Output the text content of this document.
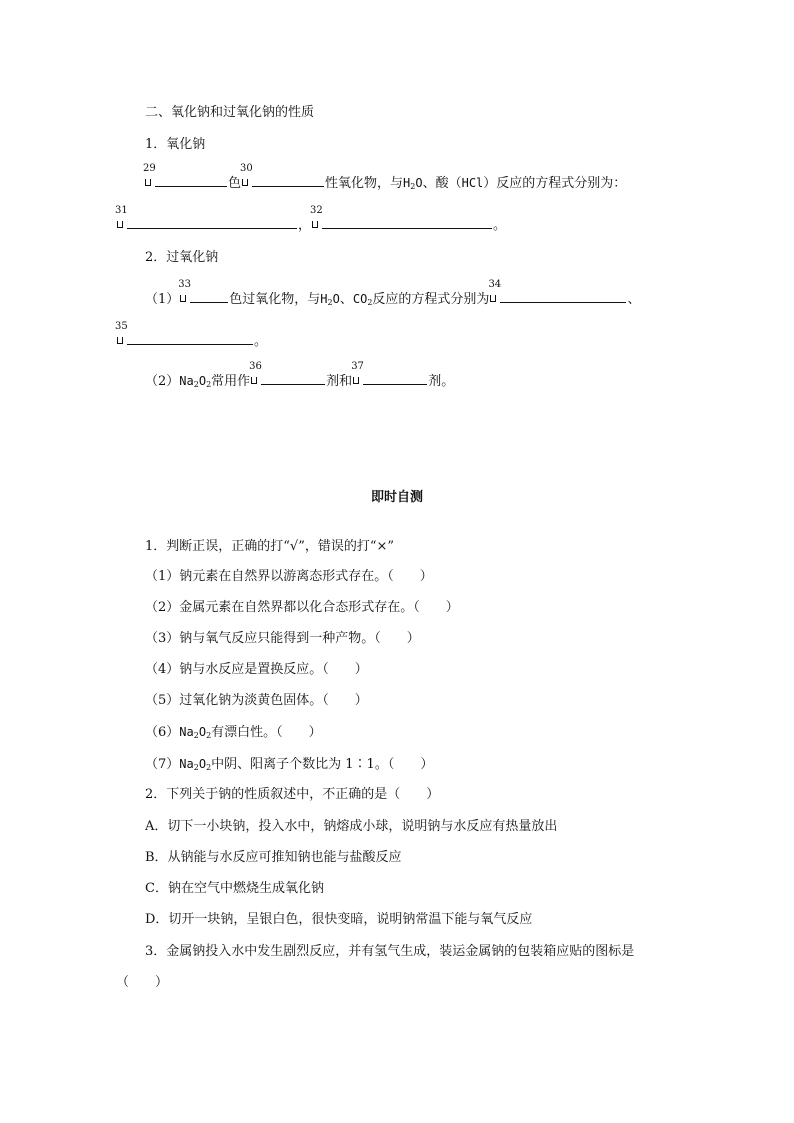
二、氧化钠和过氧化钠的性质
1．氧化钠
29
色
30
性氧化物，与$H_2O$、酸（HCl）反应的方程式分别为：
31
，
32
。
2．过氧化钠
（1）
33
色过氧化物，与$H_2O$、$CO_2$反应的方程式分别为
34
、
35
。
$(2)Na_2O_2$常用作
36
剂和
37
剂。
即时自测
1．判断正误，正确的打“√”，错误的打“×”
（1）钠元素在自然界以游离态形式存在。（　　）
（2）金属元素在自然界都以化合态形式存在。（　　）
（3）钠与氧气反应只能得到一种产物。（　　）
（4）钠与水反应是置换反应。（　　）
（5）过氧化钠为淡黄色固体。（　　）
$(6)Na_2O_2$有漂白性。（　　）
$(7)Na_2O_2$中阴、阳离子个数比为 1∶1。（　　）
2．下列关于钠的性质叙述中，不正确的是（　　）
A．切下一小块钠，投入水中，钠熔成小球，说明钠与水反应有热量放出
B．从钠能与水反应可推知钠也能与盐酸反应
C．钠在空气中燃烧生成氧化钠
D．切开一块钠，呈银白色，很快变暗，说明钠常温下能与氧气反应
3．金属钠投入水中发生剧烈反应，并有氢气生成，装运金属钠的包装箱应贴的图标是
（　　）
